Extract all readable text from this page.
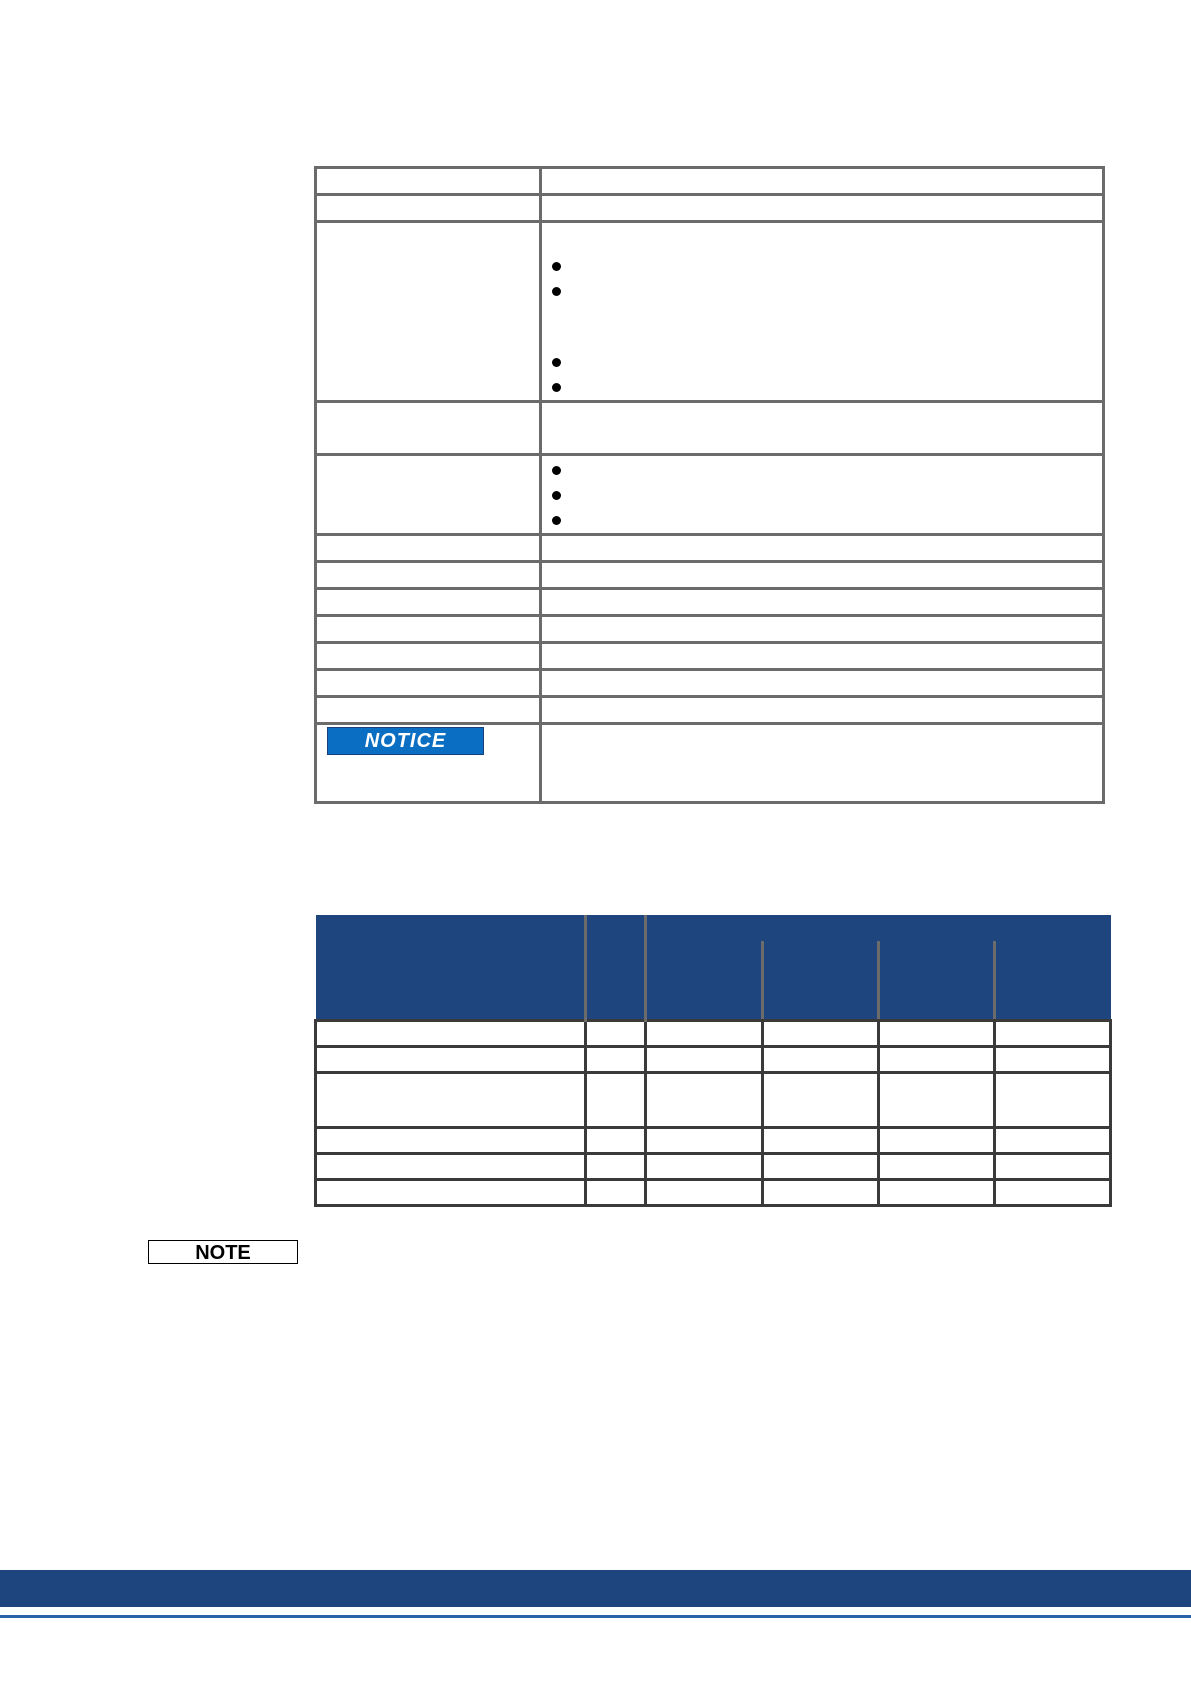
NOTICE	

NOTE
